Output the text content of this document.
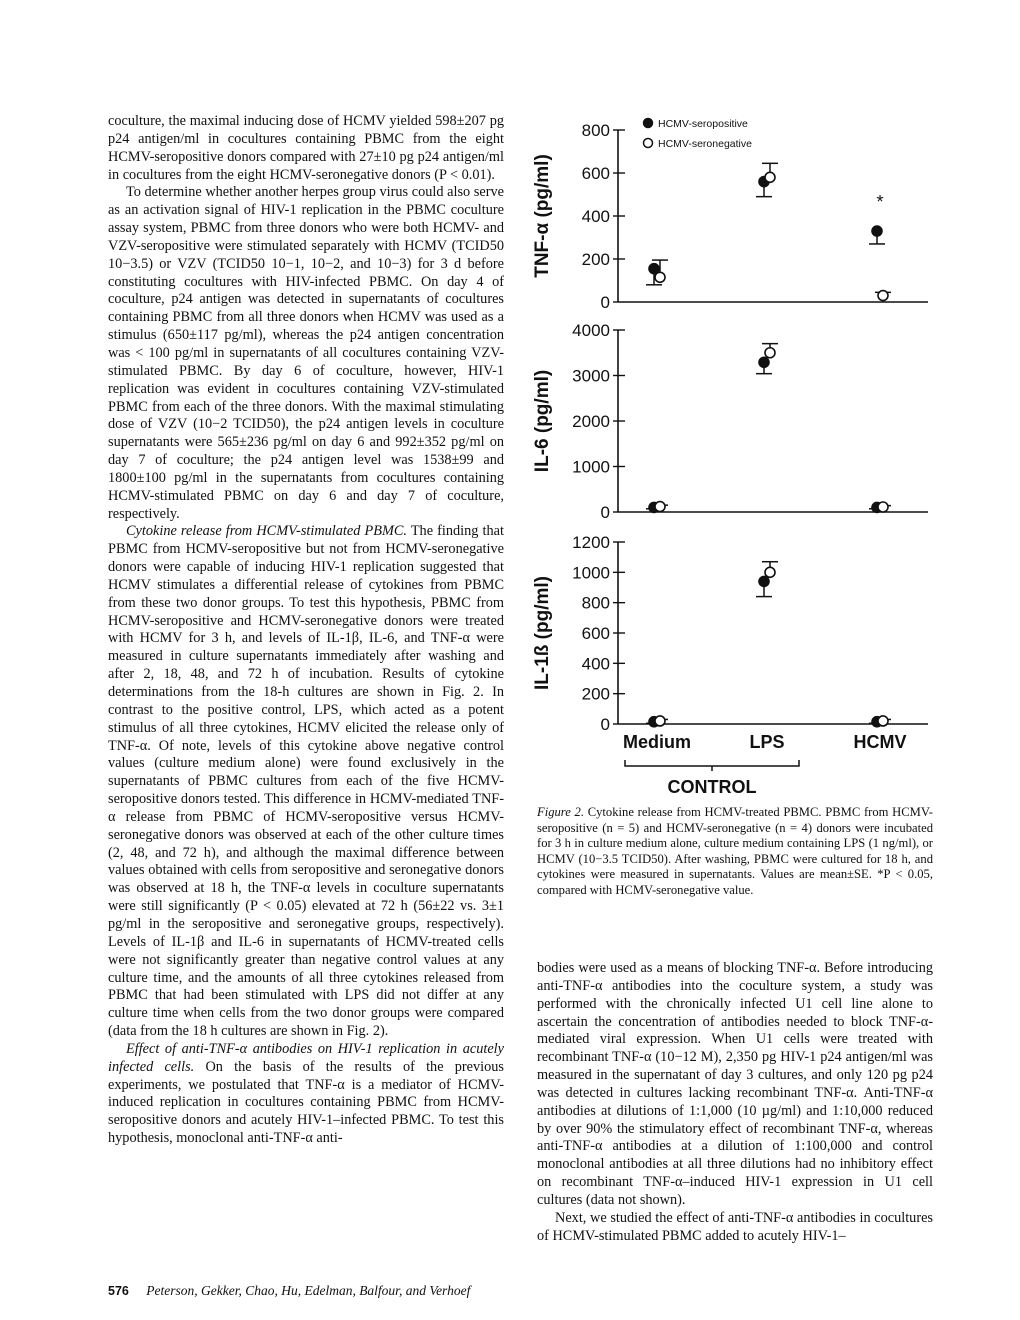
coculture, the maximal inducing dose of HCMV yielded 598±207 pg p24 antigen/ml in cocultures containing PBMC from the eight HCMV-seropositive donors compared with 27±10 pg p24 antigen/ml in cocultures from the eight HCMV-seronegative donors (P < 0.01).

To determine whether another herpes group virus could also serve as an activation signal of HIV-1 replication in the PBMC coculture assay system, PBMC from three donors who were both HCMV- and VZV-seropositive were stimulated separately with HCMV (TCID50 10−3.5) or VZV (TCID50 10−1, 10−2, and 10−3) for 3 d before constituting cocultures with HIV-infected PBMC. On day 4 of coculture, p24 antigen was detected in supernatants of cocultures containing PBMC from all three donors when HCMV was used as a stimulus (650±117 pg/ml), whereas the p24 antigen concentration was < 100 pg/ml in supernatants of all cocultures containing VZV-stimulated PBMC. By day 6 of coculture, however, HIV-1 replication was evident in cocultures containing VZV-stimulated PBMC from each of the three donors. With the maximal stimulating dose of VZV (10−2 TCID50), the p24 antigen levels in coculture supernatants were 565±236 pg/ml on day 6 and 992±352 pg/ml on day 7 of coculture; the p24 antigen level was 1538±99 and 1800±100 pg/ml in the supernatants from cocultures containing HCMV-stimulated PBMC on day 6 and day 7 of coculture, respectively.

Cytokine release from HCMV-stimulated PBMC. The finding that PBMC from HCMV-seropositive but not from HCMV-seronegative donors were capable of inducing HIV-1 replication suggested that HCMV stimulates a differential release of cytokines from PBMC from these two donor groups. To test this hypothesis, PBMC from HCMV-seropositive and HCMV-seronegative donors were treated with HCMV for 3 h, and levels of IL-1β, IL-6, and TNF-α were measured in culture supernatants immediately after washing and after 2, 18, 48, and 72 h of incubation. Results of cytokine determinations from the 18-h cultures are shown in Fig. 2. In contrast to the positive control, LPS, which acted as a potent stimulus of all three cytokines, HCMV elicited the release only of TNF-α. Of note, levels of this cytokine above negative control values (culture medium alone) were found exclusively in the supernatants of PBMC cultures from each of the five HCMV-seropositive donors tested. This difference in HCMV-mediated TNF-α release from PBMC of HCMV-seropositive versus HCMV-seronegative donors was observed at each of the other culture times (2, 48, and 72 h), and although the maximal difference between values obtained with cells from seropositive and seronegative donors was observed at 18 h, the TNF-α levels in coculture supernatants were still significantly (P < 0.05) elevated at 72 h (56±22 vs. 3±1 pg/ml in the seropositive and seronegative groups, respectively). Levels of IL-1β and IL-6 in supernatants of HCMV-treated cells were not significantly greater than negative control values at any culture time, and the amounts of all three cytokines released from PBMC that had been stimulated with LPS did not differ at any culture time when cells from the two donor groups were compared (data from the 18 h cultures are shown in Fig. 2).

Effect of anti-TNF-α antibodies on HIV-1 replication in acutely infected cells. On the basis of the results of the previous experiments, we postulated that TNF-α is a mediator of HCMV-induced replication in cocultures containing PBMC from HCMV-seropositive donors and acutely HIV-1–infected PBMC. To test this hypothesis, monoclonal anti-TNF-α anti-

HCMV-seropositive
HCMV-seronegative
0
200
400
600
800
TNF-α (pg/ml)	*
0
1000
2000
3000
4000
IL-6 (pg/ml)
0
200
400
600
800
1000
1200
IL-1ß (pg/ml)
Medium	LPS	HCMV
CONTROL
Figure 2. Cytokine release from HCMV-treated PBMC. PBMC from HCMV-seropositive (n = 5) and HCMV-seronegative (n = 4) donors were incubated for 3 h in culture medium alone, culture medium containing LPS (1 ng/ml), or HCMV (10−3.5 TCID50). After washing, PBMC were cultured for 18 h, and cytokines were measured in supernatants. Values are mean±SE. *P < 0.05, compared with HCMV-seronegative value.

bodies were used as a means of blocking TNF-α. Before introducing anti-TNF-α antibodies into the coculture system, a study was performed with the chronically infected U1 cell line alone to ascertain the concentration of antibodies needed to block TNF-α-mediated viral expression. When U1 cells were treated with recombinant TNF-α (10−12 M), 2,350 pg HIV-1 p24 antigen/ml was measured in the supernatant of day 3 cultures, and only 120 pg p24 was detected in cultures lacking recombinant TNF-α. Anti-TNF-α antibodies at dilutions of 1:1,000 (10 µg/ml) and 1:10,000 reduced by over 90% the stimulatory effect of recombinant TNF-α, whereas anti-TNF-α antibodies at a dilution of 1:100,000 and control monoclonal antibodies at all three dilutions had no inhibitory effect on recombinant TNF-α–induced HIV-1 expression in U1 cell cultures (data not shown).

Next, we studied the effect of anti-TNF-α antibodies in cocultures of HCMV-stimulated PBMC added to acutely HIV-1–

576 Peterson, Gekker, Chao, Hu, Edelman, Balfour, and Verhoef
